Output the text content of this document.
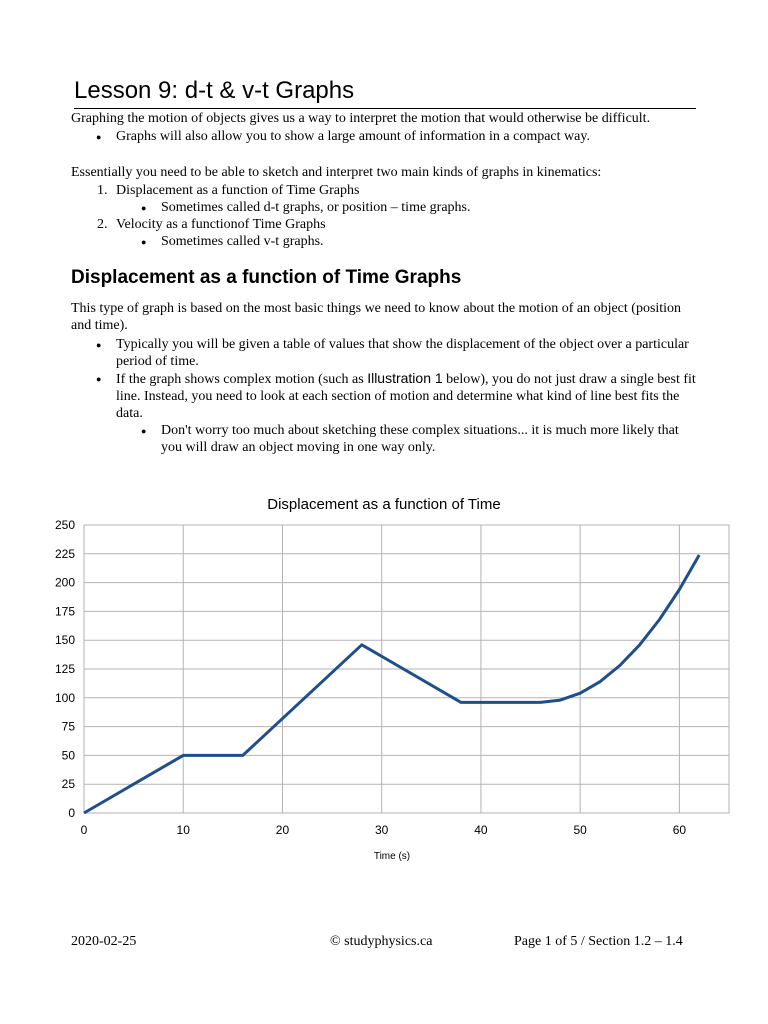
Lesson 9: d-t & v-t Graphs

Graphing the motion of objects gives us a way to interpret the motion that would otherwise be difficult.

● Graphs will also allow you to show a large amount of information in a compact way.

Essentially you need to be able to sketch and interpret two main kinds of graphs in kinematics:

1. Displacement as a function of Time Graphs
● Sometimes called d-t graphs, or position – time graphs.
2. Velocity as a functionof Time Graphs
● Sometimes called v-t graphs.
Displacement as a function of Time Graphs

This type of graph is based on the most basic things we need to know about the motion of an object (position and time).

● Typically you will be given a table of values that show the displacement of the object over a particular period of time.
● If the graph shows complex motion (such as Illustration 1 below), you do not just draw a single best fit line. Instead, you need to look at each section of motion and determine what kind of line best fits the data.
● Don't worry too much about sketching these complex situations... it is much more likely that you will draw an object moving in one way only.
Displacement as a function of Time
0
25
50
75
100
125
150
175
200
225
250
0	10	20	30	40	50	60
Time (s)
2020-02-25	© studyphysics.ca	Page 1 of 5 / Section 1.2 – 1.4
